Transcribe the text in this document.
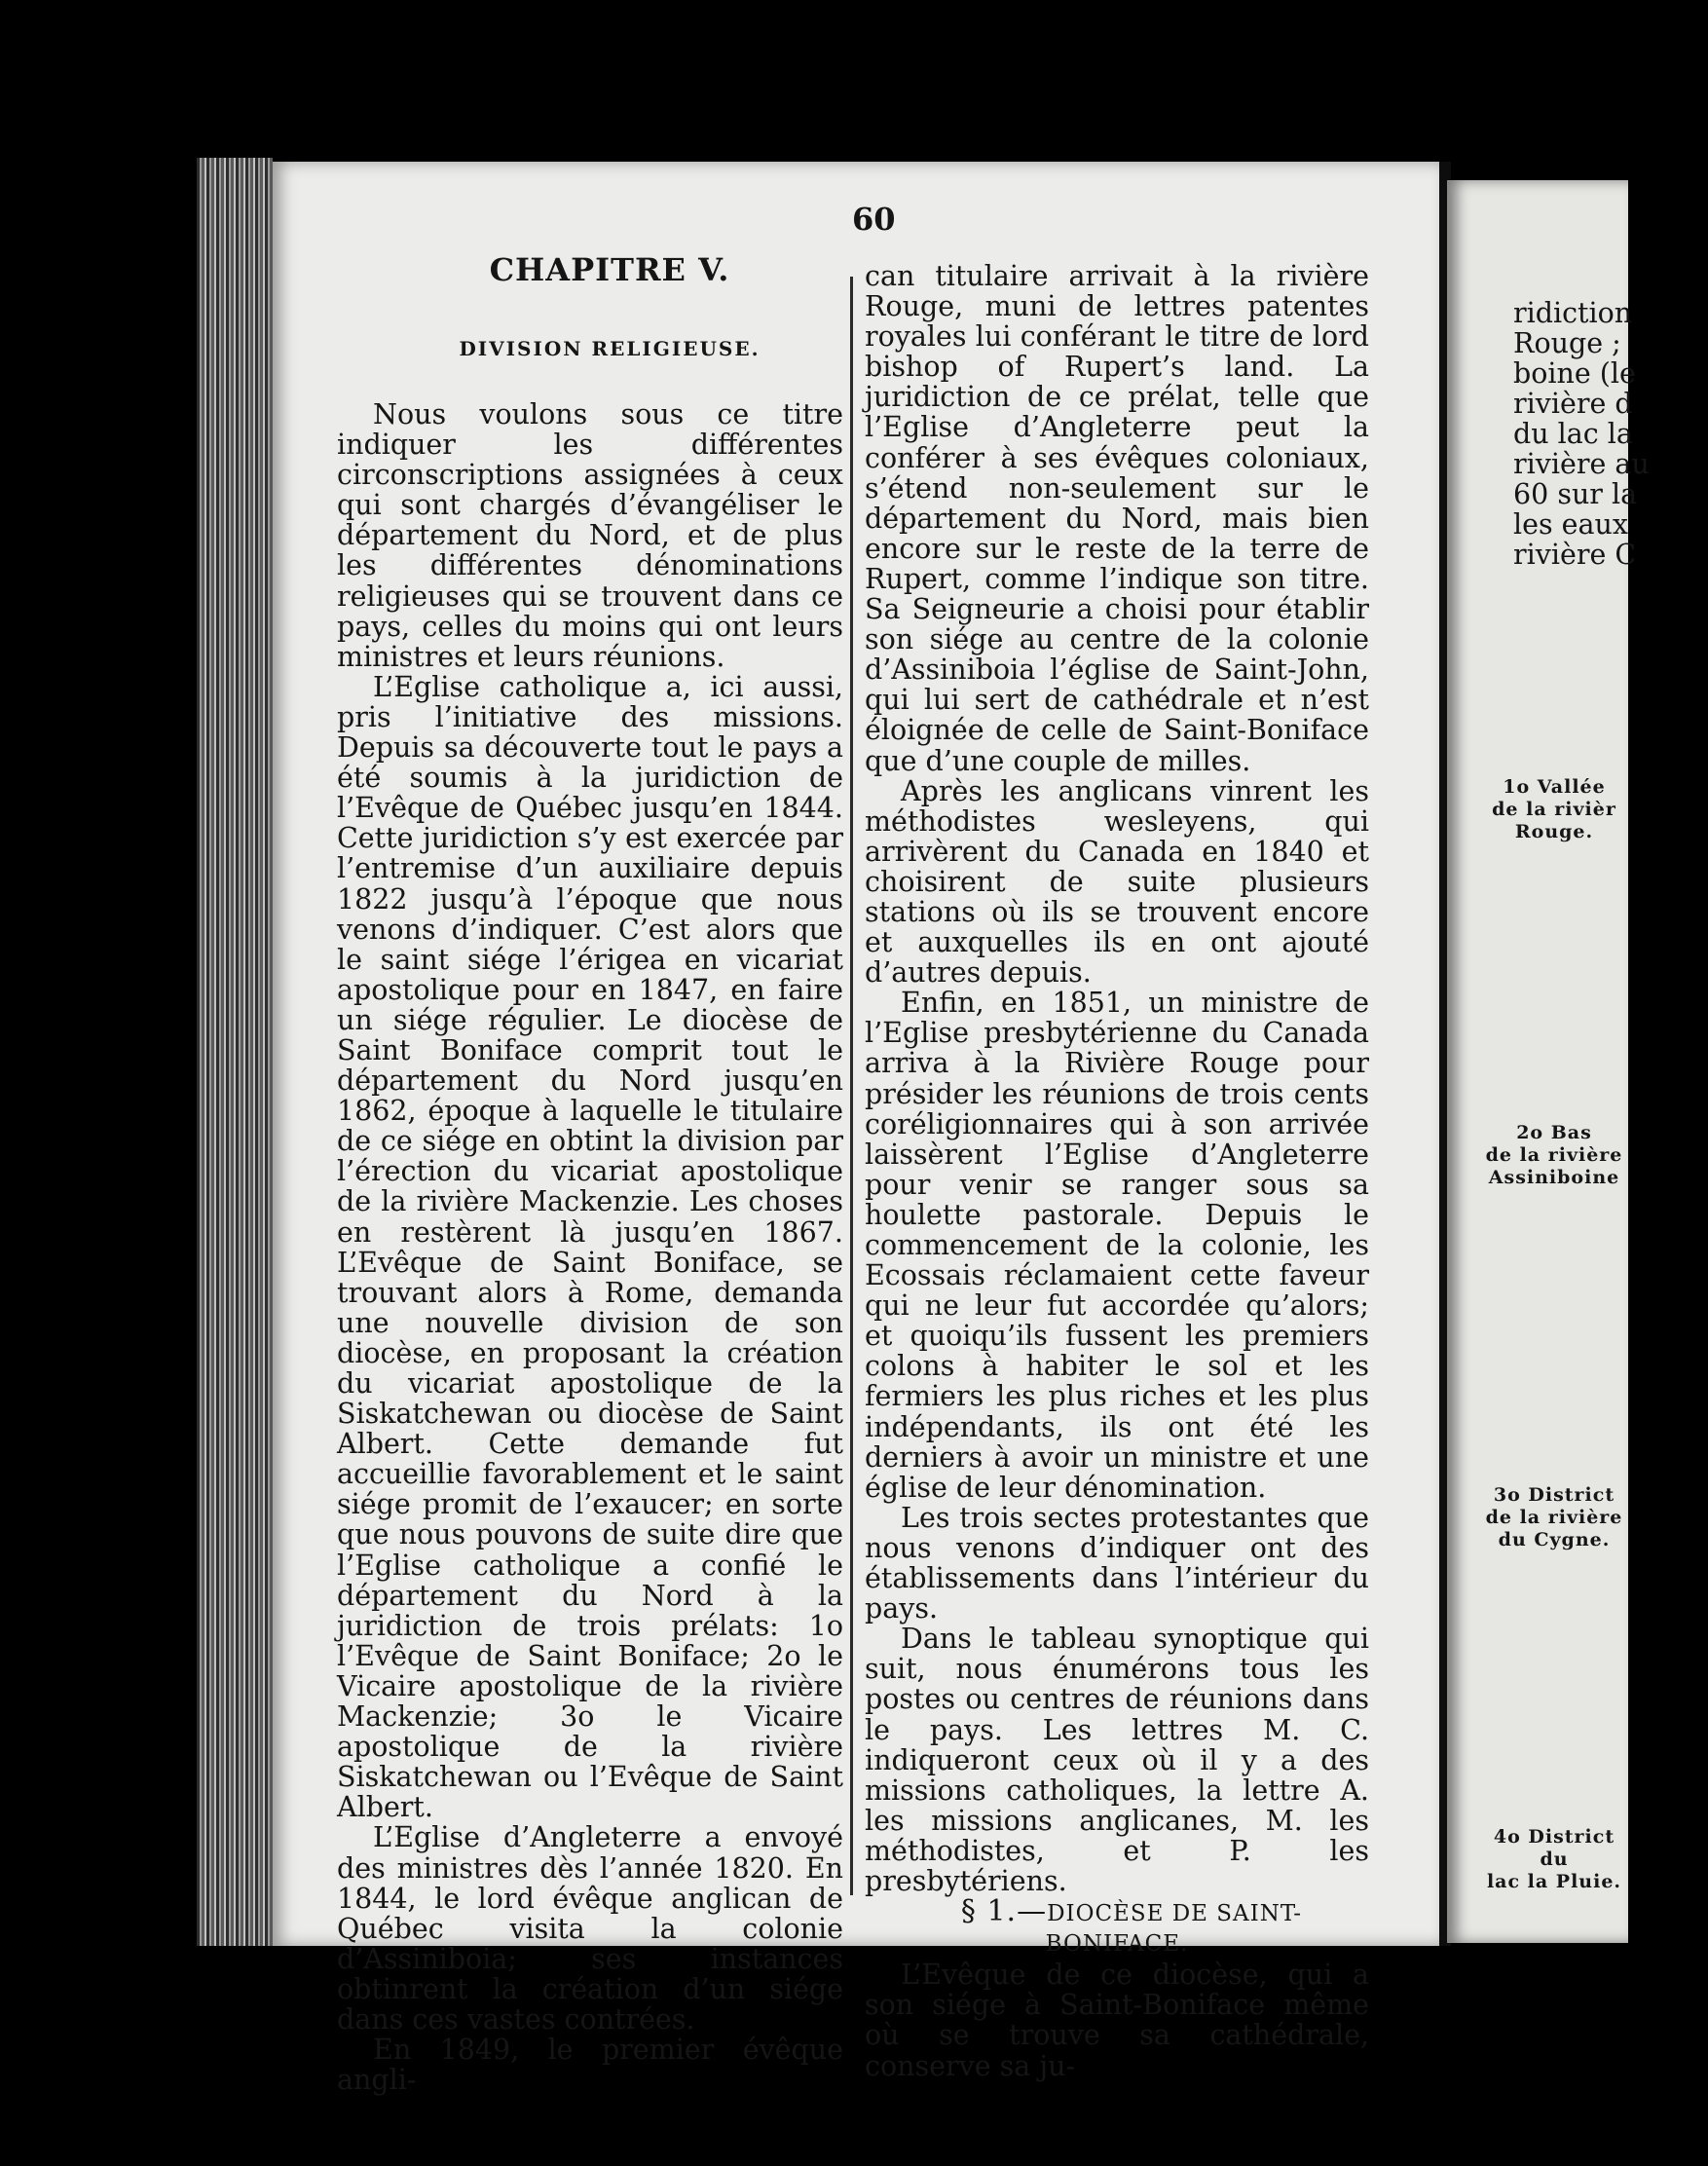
60
CHAPITRE V.
DIVISION RELIGIEUSE.

Nous voulons sous ce titre indiquer les différentes circonscriptions assignées à ceux qui sont chargés d’évangéliser le département du Nord, et de plus les différentes dénominations religieuses qui se trouvent dans ce pays, celles du moins qui ont leurs ministres et leurs réunions.

L’Eglise catholique a, ici aussi, pris l’initiative des missions. Depuis sa découverte tout le pays a été soumis à la juridiction de l’Evêque de Québec jusqu’en 1844. Cette juridiction s’y est exercée par l’entremise d’un auxiliaire depuis 1822 jusqu’à l’époque que nous venons d’indiquer. C’est alors que le saint siége l’érigea en vicariat apostolique pour en 1847, en faire un siége régulier. Le diocèse de Saint Boniface comprit tout le département du Nord jusqu’en 1862, époque à laquelle le titulaire de ce siége en obtint la division par l’érection du vicariat apostolique de la rivière Mackenzie. Les choses en restèrent là jusqu’en 1867. L’Evêque de Saint Boniface, se trouvant alors à Rome, demanda une nouvelle division de son diocèse, en proposant la création du vicariat apostolique de la Siskatchewan ou diocèse de Saint Albert. Cette demande fut accueillie favorablement et le saint siége promit de l’exaucer; en sorte que nous pouvons de suite dire que l’Eglise catholique a confié le département du Nord à la juridiction de trois prélats: 1o l’Evêque de Saint Boniface; 2o le Vicaire apostolique de la rivière Mackenzie; 3o le Vicaire apostolique de la rivière Siskatchewan ou l’Evêque de Saint Albert.

L’Eglise d’Angleterre a envoyé des ministres dès l’année 1820. En 1844, le lord évêque anglican de Québec visita la colonie d’Assiniboia; ses instances obtinrent la création d’un siége dans ces vastes contrées.

En 1849, le premier évêque angli-

can titulaire arrivait à la rivière Rouge, muni de lettres patentes royales lui conférant le titre de lord bishop of Rupert’s land. La juridiction de ce prélat, telle que l’Eglise d’Angleterre peut la conférer à ses évêques coloniaux, s’étend non-seulement sur le département du Nord, mais bien encore sur le reste de la terre de Rupert, comme l’indique son titre. Sa Seigneurie a choisi pour établir son siége au centre de la colonie d’Assiniboia l’église de Saint-John, qui lui sert de cathédrale et n’est éloignée de celle de Saint-Boniface que d’une couple de milles.

Après les anglicans vinrent les méthodistes wesleyens, qui arrivèrent du Canada en 1840 et choisirent de suite plusieurs stations où ils se trouvent encore et auxquelles ils en ont ajouté d’autres depuis.

Enfin, en 1851, un ministre de l’Eglise presbytérienne du Canada arriva à la Rivière Rouge pour présider les réunions de trois cents coréligionnaires qui à son arrivée laissèrent l’Eglise d’Angleterre pour venir se ranger sous sa houlette pastorale. Depuis le commencement de la colonie, les Ecossais réclamaient cette faveur qui ne leur fut accordée qu’alors; et quoiqu’ils fussent les premiers colons à habiter le sol et les fermiers les plus riches et les plus indépendants, ils ont été les derniers à avoir un ministre et une église de leur dénomination.

Les trois sectes protestantes que nous venons d’indiquer ont des établissements dans l’intérieur du pays.

Dans le tableau synoptique qui suit, nous énumérons tous les postes ou centres de réunions dans le pays. Les lettres M. C. indiqueront ceux où il y a des missions catholiques, la lettre A. les missions anglicanes, M. les méthodistes, et P. les presbytériens.

§ 1.—DIOCÈSE DE SAINT-BONIFACE.

L’Evêque de ce diocèse, qui a son siége à Saint-Boniface même où se trouve sa cathédrale, conserve sa ju-

ridiction
Rouge ;
boine (le
rivière d
du lac la
rivière au
60 sur la
les eaux
rivière C
1o Vallée
de la rivièr
Rouge.
2o Bas
de la rivière
Assiniboine
3o District
de la rivière
du Cygne.
4o District
du
lac la Pluie.
